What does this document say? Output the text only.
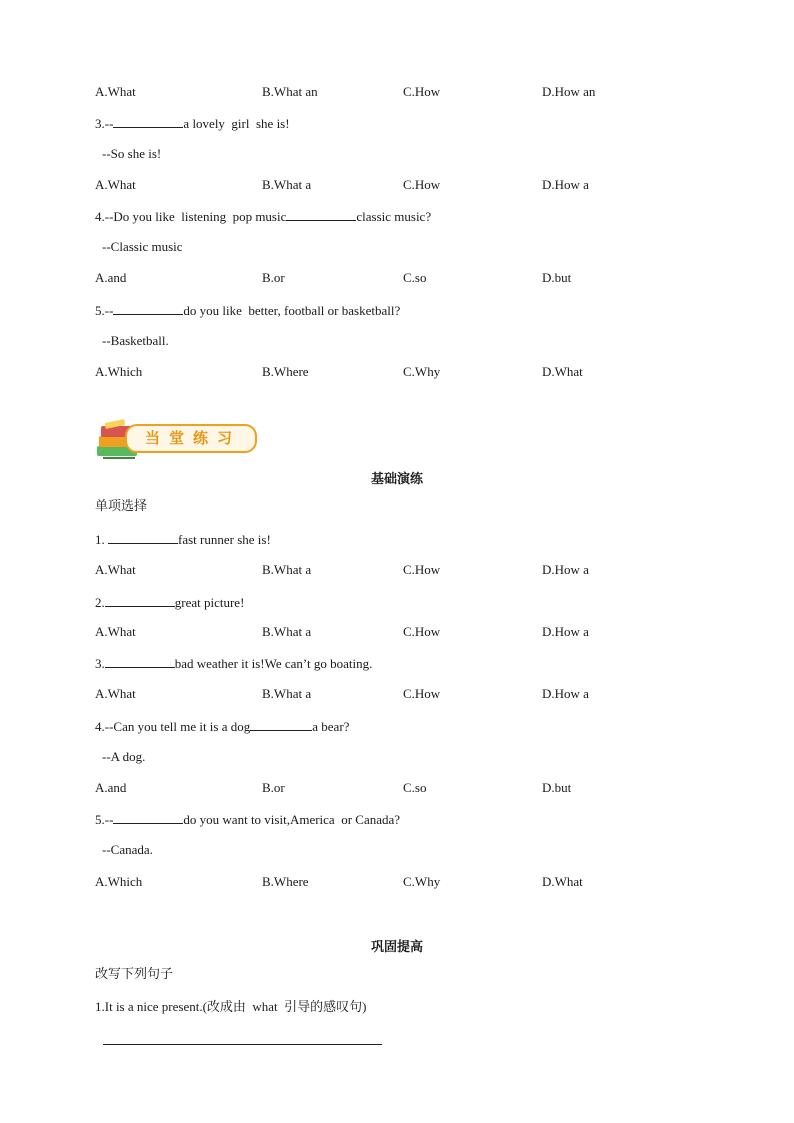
A.What	B.What an	C.How	D.How an
3.--	a lovely  girl  she is!
--So she is!
A.What	B.What a	C.How	D.How a
4.--Do you like  listening  pop music	classic music?
--Classic music
A.and	B.or	C.so	D.but
5.--	do you like  better, football or basketball?
--Basketball.
A.Which	B.Where	C.Why	D.What
当堂练习
基础演练
单项选择
1.	fast runner she is!
A.What	B.What a	C.How	D.How a
2.	great picture!
A.What	B.What a	C.How	D.How a
3.	bad weather it is!We can’t go boating.
A.What	B.What a	C.How	D.How a
4.--Can you tell me it is a dog	a bear?
--A dog.
A.and	B.or	C.so	D.but
5.--	do you want to visit,America  or Canada?
--Canada.
A.Which	B.Where	C.Why	D.What
巩固提高
改写下列句子
1.It is a nice present.(改成由  what  引导的感叹句)
